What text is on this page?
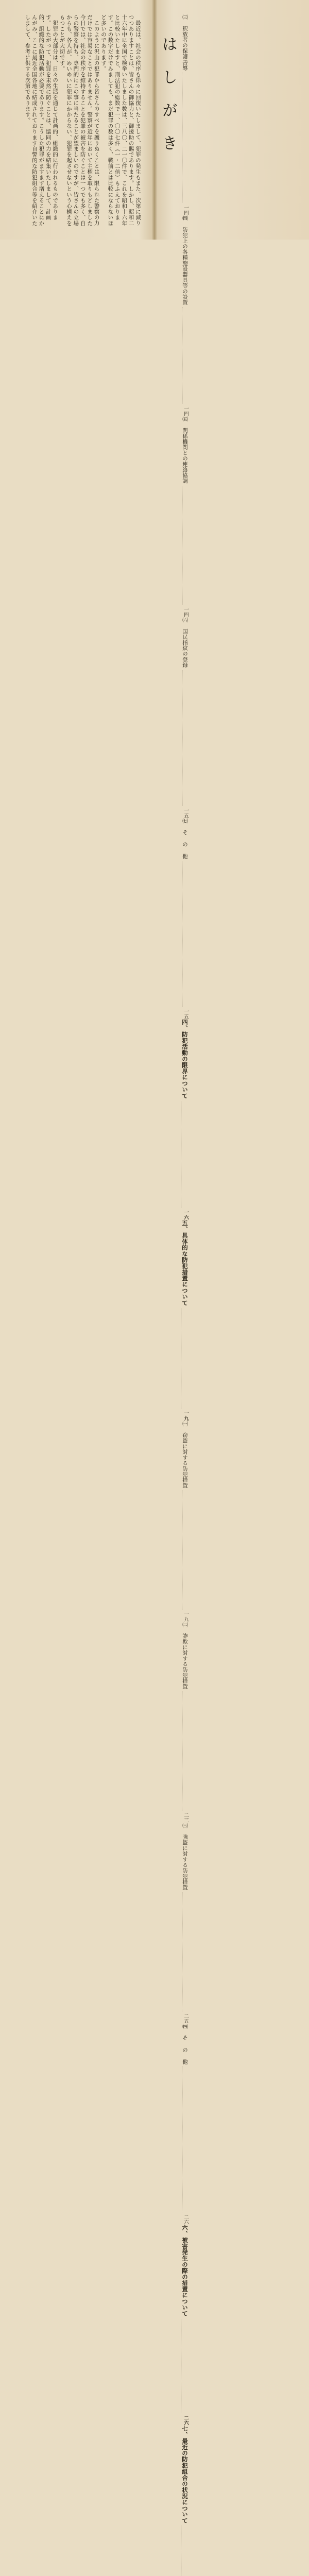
最近は、社会の秩序も徐々に回復いたしまして、犯罪の発生もまた、次第に減りつつありますことは、皆さんの御協力と、御援助の賜であります。しかし、昭和二十六年中に全国で検挙いたしました数は、三八〇、二一〇件で、これを昭和十六年と比較いたしますと、刑法犯の総数で一、〇〇七件（一・二倍）もふえております。この数字だけでみましても、まだ犯罪の数は多く、戦前とは比較にならないほど多いのであります。

このように沢山の犯罪から皆さんのすべてを護りぬくことは、限られた警察の力だけでは容易なことではありません。警察が近年において主権を取りもどしました今日では、社会の秩序を維持することを犯罪の被害を防ぐことは一つでも多く、自らの警察を持ち、専門的にこの事に当たることが望ましいのですが、皆さんの立場からも、各人が、めいめいに犯罪にかからない、犯罪を起させないという心構えをもつことが大切です。

犯罪の大部分は、日々の生活を通じて計画的、組織的に行われるものであります。したがって、犯罪を未然に防ぐことは、協同の力を結集いたしまして、計画的、組織的な防犯活動が必要であります。こうした犯罪がますます増えることにかんがみ、ここに最近全国各地に結成されております自警的な防犯組合等を紹介いたしまして、参考に供する次第であります。	はしがき ㈢　釈放者の保護善導
一四
㈣　防犯上の各種施設器具等の設置
一四
㈤　関係機関との連絡協調
一四
㈥　国民指紋の登録
一五
㈦　そ の 他
一五
四、防犯活動の限界について
一六
五、具体的な防犯措置について
一九
㈠　窃盗に対する防犯措置
一九
㈡　詐欺に対する防犯措置
二三
㈢　強盗に対する防犯措置
二五
㈣　そ の 他
二六
六、被害発生の際の措置について
二六
七、最近の防犯組合の状況について
